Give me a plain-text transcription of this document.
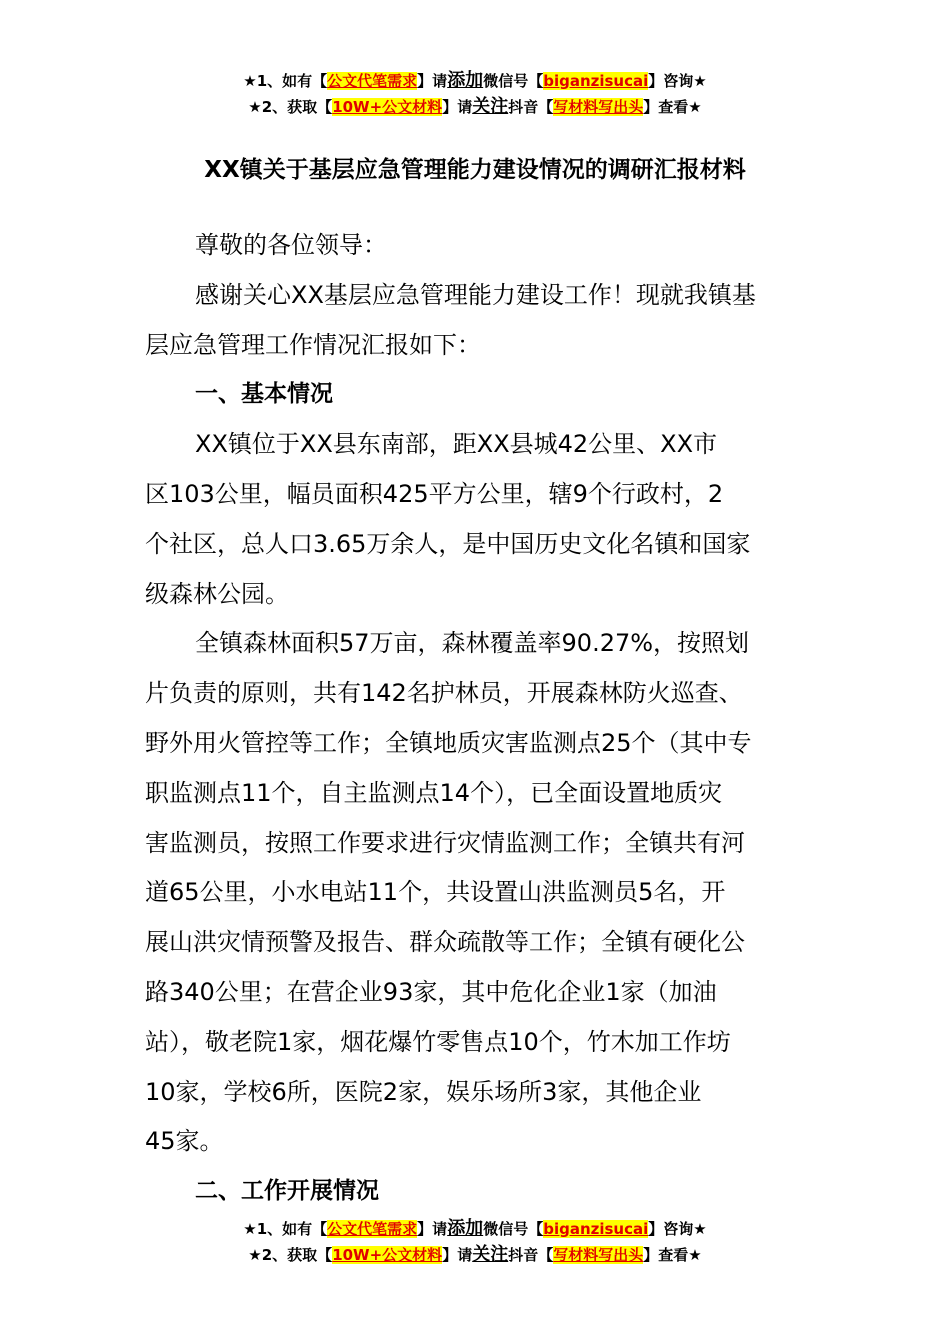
★1、如有【公文代笔需求】请添加微信号【biganzisucai】咨询★
★2、获取【10W+公文材料】请关注抖音【写材料写出头】查看★
XX镇关于基层应急管理能力建设情况的调研汇报材料
尊敬的各位领导：
感谢关心XX基层应急管理能力建设工作！现就我镇基
层应急管理工作情况汇报如下：
一、基本情况
XX镇位于XX县东南部，距XX县城42公里、XX市
区103公里，幅员面积425平方公里，辖9个行政村，2
个社区，总人口3.65万余人，是中国历史文化名镇和国家
级森林公园。
全镇森林面积57万亩，森林覆盖率90.27%，按照划
片负责的原则，共有142名护林员，开展森林防火巡查、
野外用火管控等工作；全镇地质灾害监测点25个（其中专
职监测点11个，自主监测点14个），已全面设置地质灾
害监测员，按照工作要求进行灾情监测工作；全镇共有河
道65公里，小水电站11个，共设置山洪监测员5名，开
展山洪灾情预警及报告、群众疏散等工作；全镇有硬化公
路340公里；在营企业93家，其中危化企业1家（加油
站），敬老院1家，烟花爆竹零售点10个，竹木加工作坊
10家，学校6所，医院2家，娱乐场所3家，其他企业
45家。
二、工作开展情况
★1、如有【公文代笔需求】请添加微信号【biganzisucai】咨询★
★2、获取【10W+公文材料】请关注抖音【写材料写出头】查看★
